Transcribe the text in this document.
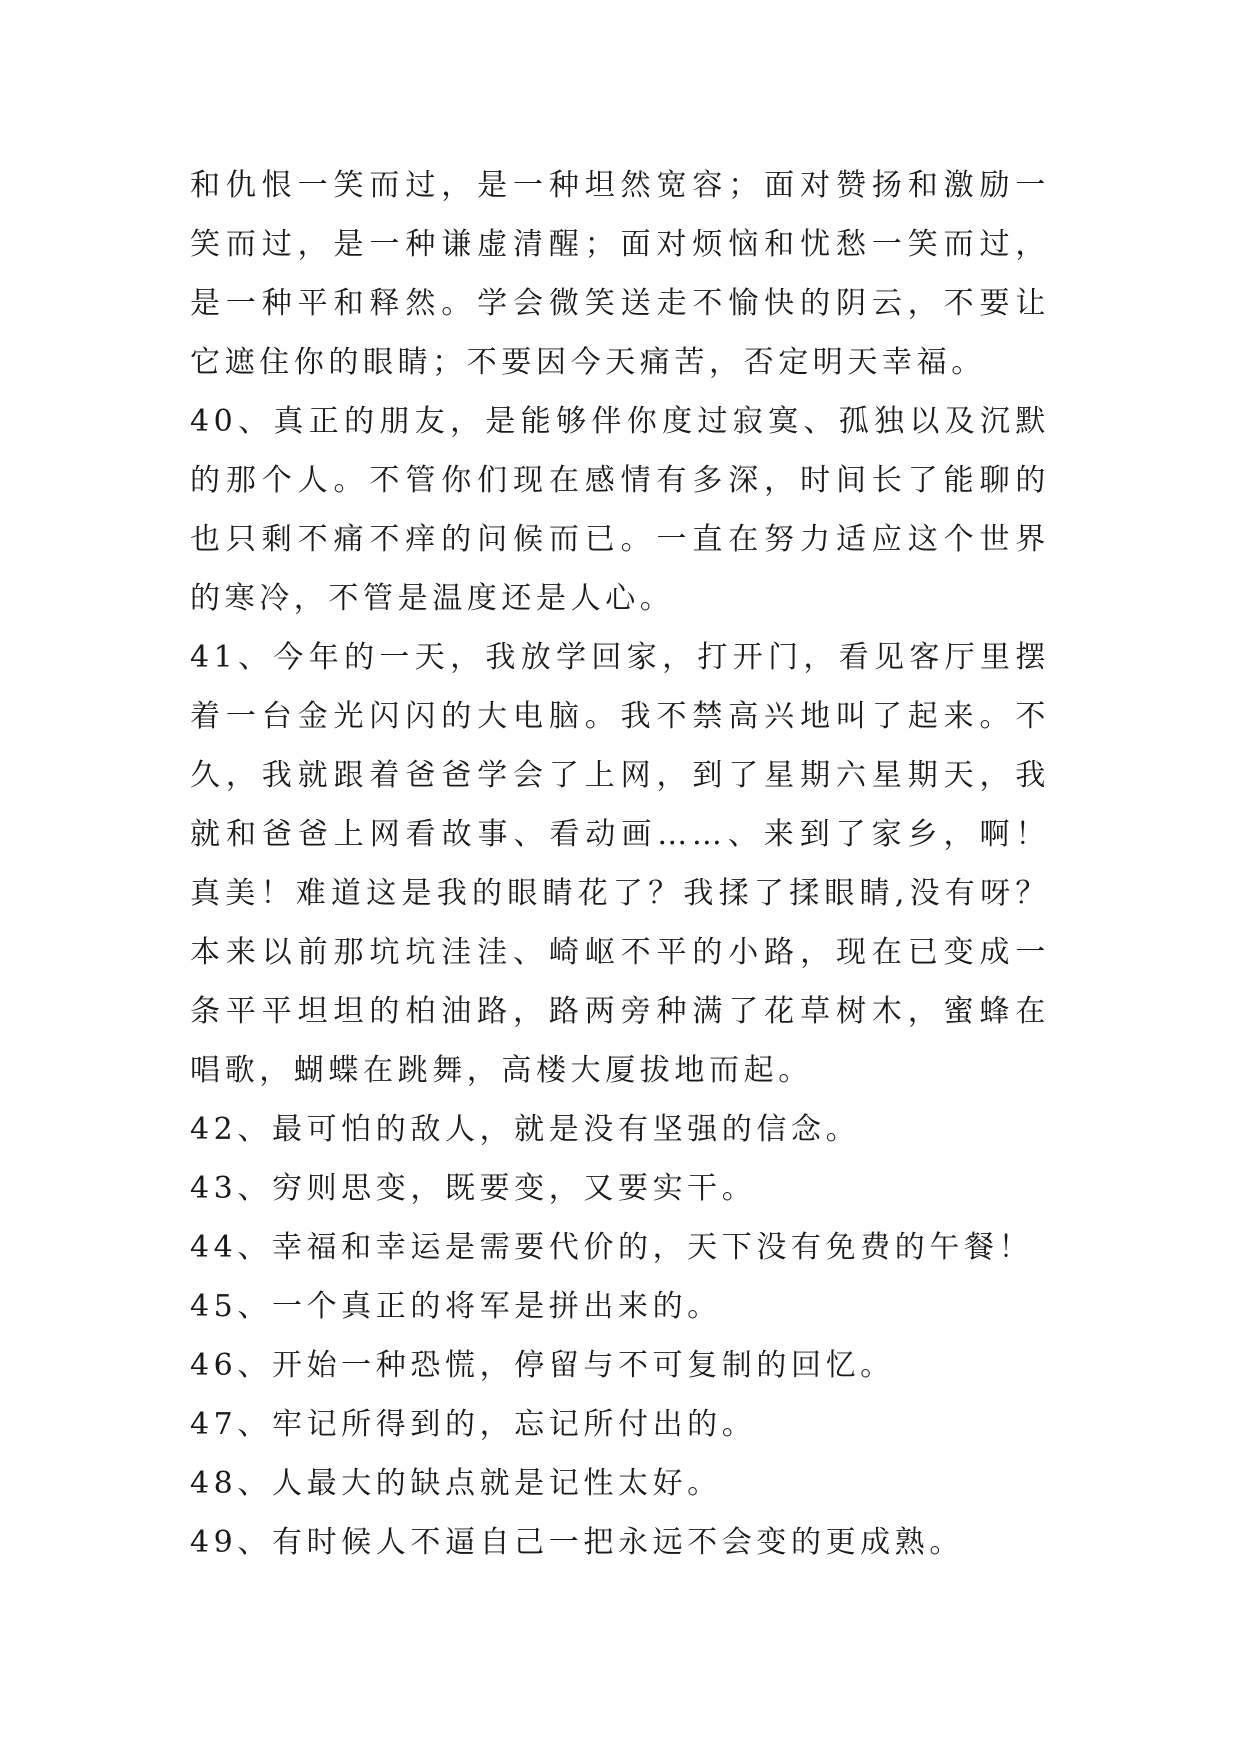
和仇恨一笑而过，是一种坦然宽容；面对赞扬和激励一笑而过，是一种谦虚清醒；面对烦恼和忧愁一笑而过，是一种平和释然。学会微笑送走不愉快的阴云，不要让它遮住你的眼睛；不要因今天痛苦，否定明天幸福。

40、真正的朋友，是能够伴你度过寂寞、孤独以及沉默的那个人。不管你们现在感情有多深，时间长了能聊的也只剩不痛不痒的问候而已。一直在努力适应这个世界的寒冷，不管是温度还是人心。

41、今年的一天，我放学回家，打开门，看见客厅里摆着一台金光闪闪的大电脑。我不禁高兴地叫了起来。不久，我就跟着爸爸学会了上网，到了星期六星期天，我就和爸爸上网看故事、看动画……、来到了家乡，啊！真美！难道这是我的眼睛花了？我揉了揉眼睛,没有呀？本来以前那坑坑洼洼、崎岖不平的小路，现在已变成一条平平坦坦的柏油路，路两旁种满了花草树木，蜜蜂在唱歌，蝴蝶在跳舞，高楼大厦拔地而起。

42、最可怕的敌人，就是没有坚强的信念。

43、穷则思变，既要变，又要实干。

44、幸福和幸运是需要代价的，天下没有免费的午餐！

45、一个真正的将军是拼出来的。

46、开始一种恐慌，停留与不可复制的回忆。

47、牢记所得到的，忘记所付出的。

48、人最大的缺点就是记性太好。

49、有时候人不逼自己一把永远不会变的更成熟。
